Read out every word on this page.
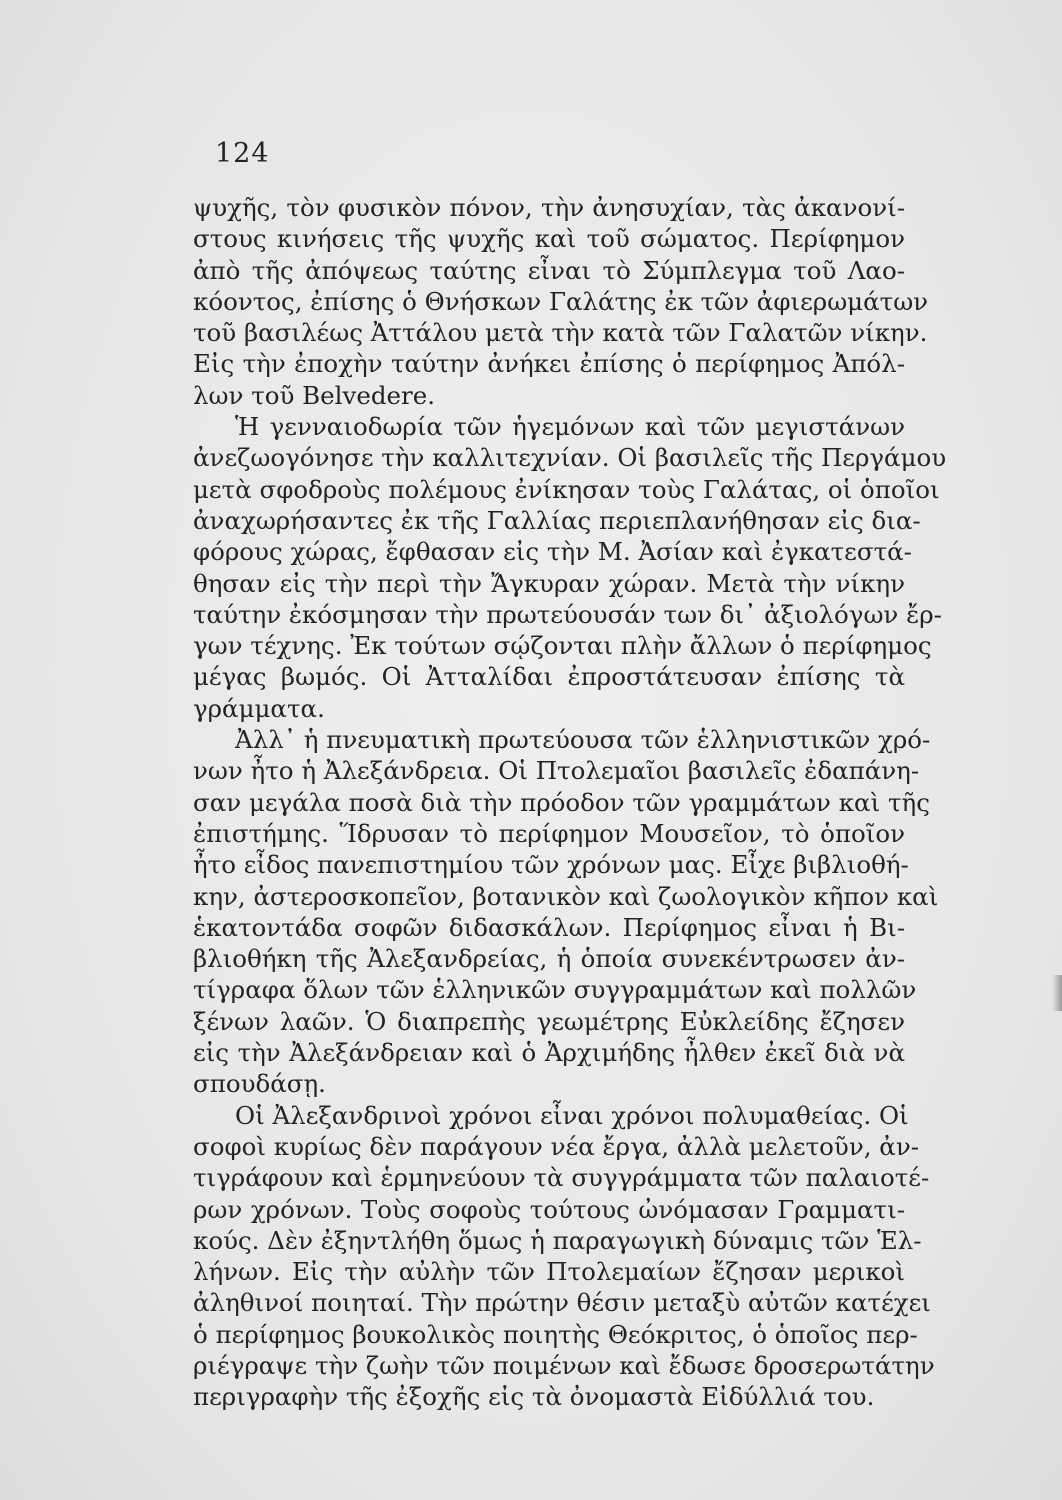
124
ψυχῆς, τὸν φυσικὸν πόνον, τὴν ἀνησυχίαν, τὰς ἀκανονί-
στους κινήσεις τῆς ψυχῆς καὶ τοῦ σώματος. Περίφημον
ἀπὸ τῆς ἀπόψεως ταύτης εἶναι τὸ Σύμπλεγμα τοῦ Λαο-
κόοντος, ἐπίσης ὁ Θνήσκων Γαλάτης ἐκ τῶν ἀφιερωμάτων
τοῦ βασιλέως Ἀττάλου μετὰ τὴν κατὰ τῶν Γαλατῶν νίκην.
Εἰς τὴν ἐποχὴν ταύτην ἀνήκει ἐπίσης ὁ περίφημος Ἀπόλ-
λων τοῦ Belvedere.
Ἡ γενναιοδωρία τῶν ἡγεμόνων καὶ τῶν μεγιστάνων
ἀνεζωογόνησε τὴν καλλιτεχνίαν. Οἱ βασιλεῖς τῆς Περγάμου
μετὰ σφοδροὺς πολέμους ἐνίκησαν τοὺς Γαλάτας, οἱ ὁποῖοι
ἀναχωρήσαντες ἐκ τῆς Γαλλίας περιεπλανήθησαν εἰς δια-
φόρους χώρας, ἔφθασαν εἰς τὴν Μ. Ἀσίαν καὶ ἐγκατεστά-
θησαν εἰς τὴν περὶ τὴν Ἄγκυραν χώραν. Μετὰ τὴν νίκην
ταύτην ἐκόσμησαν τὴν πρωτεύουσάν των δι᾽ ἀξιολόγων ἔρ-
γων τέχνης. Ἐκ τούτων σῴζονται πλὴν ἄλλων ὁ περίφημος
μέγας βωμός. Οἱ Ἀτταλίδαι ἐπροστάτευσαν ἐπίσης τὰ
γράμματα.
Ἀλλ᾽ ἡ πνευματικὴ πρωτεύουσα τῶν ἑλληνιστικῶν χρό-
νων ἦτο ἡ Ἀλεξάνδρεια. Οἱ Πτολεμαῖοι βασιλεῖς ἐδαπάνη-
σαν μεγάλα ποσὰ διὰ τὴν πρόοδον τῶν γραμμάτων καὶ τῆς
ἐπιστήμης. Ἵδρυσαν τὸ περίφημον Μουσεῖον, τὸ ὁποῖον
ἦτο εἶδος πανεπιστημίου τῶν χρόνων μας. Εἶχε βιβλιοθή-
κην, ἀστεροσκοπεῖον, βοτανικὸν καὶ ζωολογικὸν κῆπον καὶ
ἑκατοντάδα σοφῶν διδασκάλων. Περίφημος εἶναι ἡ Βι-
βλιοθήκη τῆς Ἀλεξανδρείας, ἡ ὁποία συνεκέντρωσεν ἀν-
τίγραφα ὅλων τῶν ἑλληνικῶν συγγραμμάτων καὶ πολλῶν
ξένων λαῶν. Ὁ διαπρεπὴς γεωμέτρης Εὐκλείδης ἔζησεν
εἰς τὴν Ἀλεξάνδρειαν καὶ ὁ Ἀρχιμήδης ἦλθεν ἐκεῖ διὰ νὰ
σπουδάσῃ.
Οἱ Ἀλεξανδρινοὶ χρόνοι εἶναι χρόνοι πολυμαθείας. Οἱ
σοφοὶ κυρίως δὲν παράγουν νέα ἔργα, ἀλλὰ μελετοῦν, ἀν-
τιγράφουν καὶ ἑρμηνεύουν τὰ συγγράμματα τῶν παλαιοτέ-
ρων χρόνων. Τοὺς σοφοὺς τούτους ὠνόμασαν Γραμματι-
κούς. Δὲν ἐξηντλήθη ὅμως ἡ παραγωγικὴ δύναμις τῶν Ἑλ-
λήνων. Εἰς τὴν αὐλὴν τῶν Πτολεμαίων ἔζησαν μερικοὶ
ἀληθινοί ποιηταί. Τὴν πρώτην θέσιν μεταξὺ αὐτῶν κατέχει
ὁ περίφημος βουκολικὸς ποιητὴς Θεόκριτος, ὁ ὁποῖος περ-
ριέγραψε τὴν ζωὴν τῶν ποιμένων καὶ ἔδωσε δροσερωτάτην
περιγραφὴν τῆς ἐξοχῆς εἰς τὰ ὀνομαστὰ Εἰδύλλιά του.
